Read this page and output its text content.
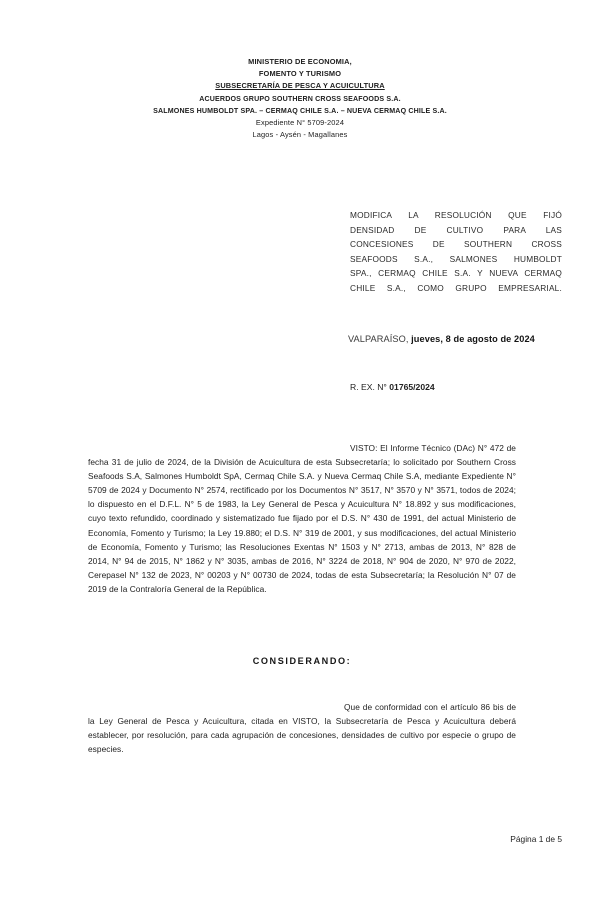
MINISTERIO DE ECONOMIA,
FOMENTO Y TURISMO
SUBSECRETARÍA DE PESCA Y ACUICULTURA
ACUERDOS GRUPO SOUTHERN CROSS SEAFOODS S.A.
SALMONES HUMBOLDT SPA. – CERMAQ CHILE S.A. – NUEVA CERMAQ CHILE S.A.
Expediente N° 5709-2024
Lagos - Aysén - Magallanes
MODIFICA LA RESOLUCIÓN QUE FIJÓ
DENSIDAD DE CULTIVO PARA LAS
CONCESIONES DE SOUTHERN CROSS
SEAFOODS S.A., SALMONES HUMBOLDT
SPA., CERMAQ CHILE S.A. Y NUEVA CERMAQ
CHILE S.A., COMO GRUPO EMPRESARIAL.
VALPARAÍSO, jueves, 8 de agosto de 2024
R. EX. N° 01765/2024
VISTO: El Informe Técnico (DAc) N° 472 de fecha 31 de julio de 2024, de la División de Acuicultura de esta Subsecretaría; lo solicitado por Southern Cross Seafoods S.A, Salmones Humboldt SpA, Cermaq Chile S.A. y Nueva Cermaq Chile S.A, mediante Expediente N° 5709 de 2024 y Documento N° 2574, rectificado por los Documentos N° 3517, N° 3570 y N° 3571, todos de 2024; lo dispuesto en el D.F.L. N° 5 de 1983, la Ley General de Pesca y Acuicultura N° 18.892 y sus modificaciones, cuyo texto refundido, coordinado y sistematizado fue fijado por el D.S. N° 430 de 1991, del actual Ministerio de Economía, Fomento y Turismo; la Ley 19.880; el D.S. N° 319 de 2001, y sus modificaciones, del actual Ministerio de Economía, Fomento y Turismo; las Resoluciones Exentas N° 1503 y N° 2713, ambas de 2013, N° 828 de 2014, N° 94 de 2015, N° 1862 y N° 3035, ambas de 2016, N° 3224 de 2018, N° 904 de 2020, N° 970 de 2022, Cerepasel N° 132 de 2023, N° 00203 y N° 00730 de 2024, todas de esta Subsecretaría; la Resolución N° 07 de 2019 de la Contraloría General de la República.
CONSIDERANDO:
Que de conformidad con el artículo 86 bis de la Ley General de Pesca y Acuicultura, citada en VISTO, la Subsecretaría de Pesca y Acuicultura deberá establecer, por resolución, para cada agrupación de concesiones, densidades de cultivo por especie o grupo de especies.
Página 1 de 5
